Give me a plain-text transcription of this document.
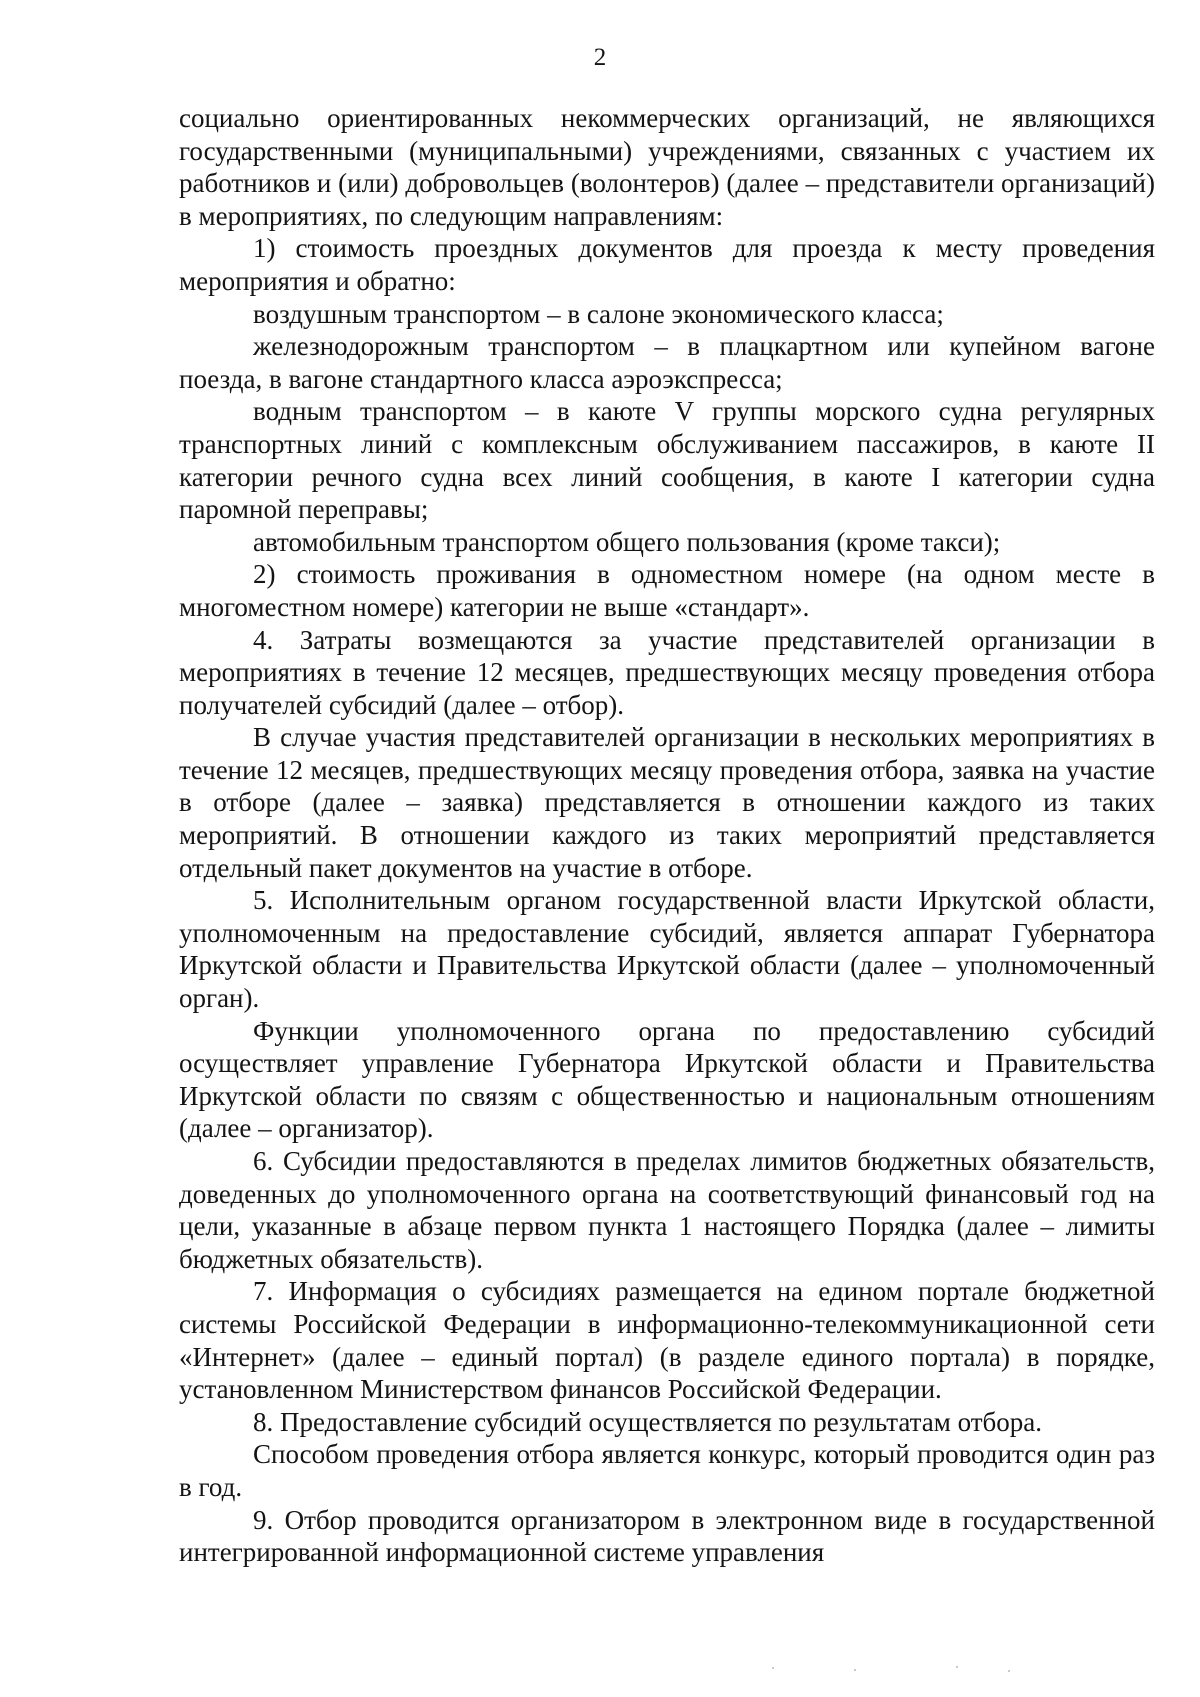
2

социально ориентированных некоммерческих организаций, не являющихся государственными (муниципальными) учреждениями, связанных с участием их работников и (или) добровольцев (волонтеров) (далее – представители организаций) в мероприятиях, по следующим направлениям:

1) стоимость проездных документов для проезда к месту проведения мероприятия и обратно:

воздушным транспортом – в салоне экономического класса;

железнодорожным транспортом – в плацкартном или купейном вагоне поезда, в вагоне стандартного класса аэроэкспресса;

водным транспортом – в каюте V группы морского судна регулярных транспортных линий с комплексным обслуживанием пассажиров, в каюте II категории речного судна всех линий сообщения, в каюте I категории судна паромной переправы;

автомобильным транспортом общего пользования (кроме такси);

2) стоимость проживания в одноместном номере (на одном месте в многоместном номере) категории не выше «стандарт».

4. Затраты возмещаются за участие представителей организации в мероприятиях в течение 12 месяцев, предшествующих месяцу проведения отбора получателей субсидий (далее – отбор).

В случае участия представителей организации в нескольких мероприятиях в течение 12 месяцев, предшествующих месяцу проведения отбора, заявка на участие в отборе (далее – заявка) представляется в отношении каждого из таких мероприятий. В отношении каждого из таких мероприятий представляется отдельный пакет документов на участие в отборе.

5. Исполнительным органом государственной власти Иркутской области, уполномоченным на предоставление субсидий, является аппарат Губернатора Иркутской области и Правительства Иркутской области (далее – уполномоченный орган).

Функции уполномоченного органа по предоставлению субсидий осуществляет управление Губернатора Иркутской области и Правительства Иркутской области по связям с общественностью и национальным отношениям (далее – организатор).

6. Субсидии предоставляются в пределах лимитов бюджетных обязательств, доведенных до уполномоченного органа на соответствующий финансовый год на цели, указанные в абзаце первом пункта 1 настоящего Порядка (далее – лимиты бюджетных обязательств).

7. Информация о субсидиях размещается на едином портале бюджетной системы Российской Федерации в информационно-телекоммуникационной сети «Интернет» (далее – единый портал) (в разделе единого портала) в порядке, установленном Министерством финансов Российской Федерации.

8. Предоставление субсидий осуществляется по результатам отбора.

Способом проведения отбора является конкурс, который проводится один раз в год.

9. Отбор проводится организатором в электронном виде в государственной интегрированной информационной системе управления
